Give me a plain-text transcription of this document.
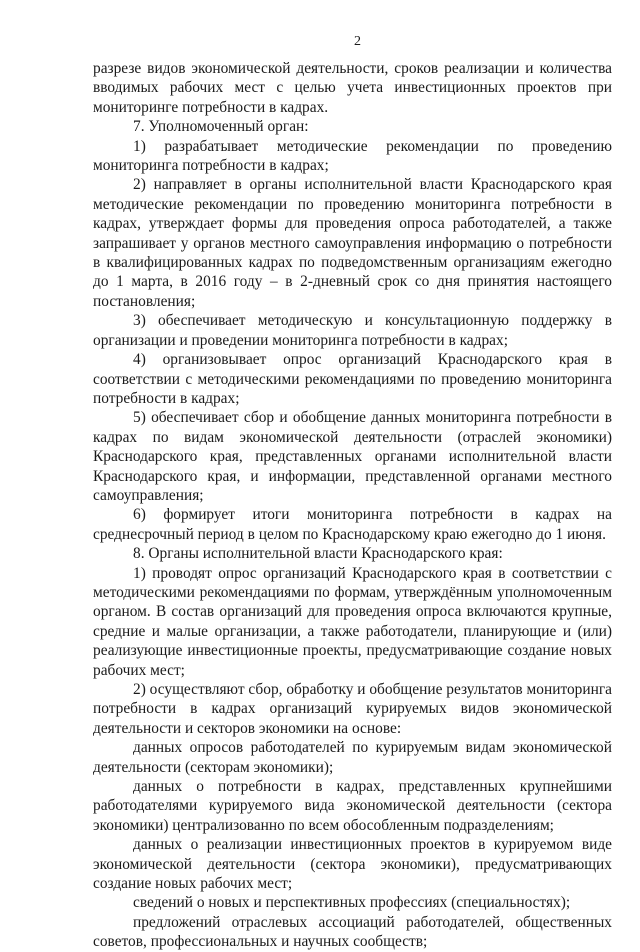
2

разрезе видов экономической деятельности, сроков реализации и количества вводимых рабочих мест с целью учета инвестиционных проектов при мониторинге потребности в кадрах.

7. Уполномоченный орган:

1) разрабатывает методические рекомендации по проведению мониторинга потребности в кадрах;

2) направляет в органы исполнительной власти Краснодарского края методические рекомендации по проведению мониторинга потребности в кадрах, утверждает формы для проведения опроса работодателей, а также запрашивает у органов местного самоуправления информацию о потребности в квалифицированных кадрах по подведомственным организациям ежегодно до 1 марта, в 2016 году – в 2-дневный срок со дня принятия настоящего постановления;

3) обеспечивает методическую и консультационную поддержку в организации и проведении мониторинга потребности в кадрах;

4) организовывает опрос организаций Краснодарского края в соответствии с методическими рекомендациями по проведению мониторинга потребности в кадрах;

5) обеспечивает сбор и обобщение данных мониторинга потребности в кадрах по видам экономической деятельности (отраслей экономики) Краснодарского края, представленных органами исполнительной власти Краснодарского края, и информации, представленной органами местного самоуправления;

6) формирует итоги мониторинга потребности в кадрах на среднесрочный период в целом по Краснодарскому краю ежегодно до 1 июня.

8. Органы исполнительной власти Краснодарского края:

1) проводят опрос организаций Краснодарского края в соответствии с методическими рекомендациями по формам, утверждённым уполномоченным органом. В состав организаций для проведения опроса включаются крупные, средние и малые организации, а также работодатели, планирующие и (или) реализующие инвестиционные проекты, предусматривающие создание новых рабочих мест;

2) осуществляют сбор, обработку и обобщение результатов мониторинга потребности в кадрах организаций курируемых видов экономической деятельности и секторов экономики на основе:

данных опросов работодателей по курируемым видам экономической деятельности (секторам экономики);

данных о потребности в кадрах, представленных крупнейшими работодателями курируемого вида экономической деятельности (сектора экономики) централизованно по всем обособленным подразделениям;

данных о реализации инвестиционных проектов в курируемом виде экономической деятельности (сектора экономики), предусматривающих создание новых рабочих мест;

сведений о новых и перспективных профессиях (специальностях);

предложений отраслевых ассоциаций работодателей, общественных советов, профессиональных и научных сообществ;
